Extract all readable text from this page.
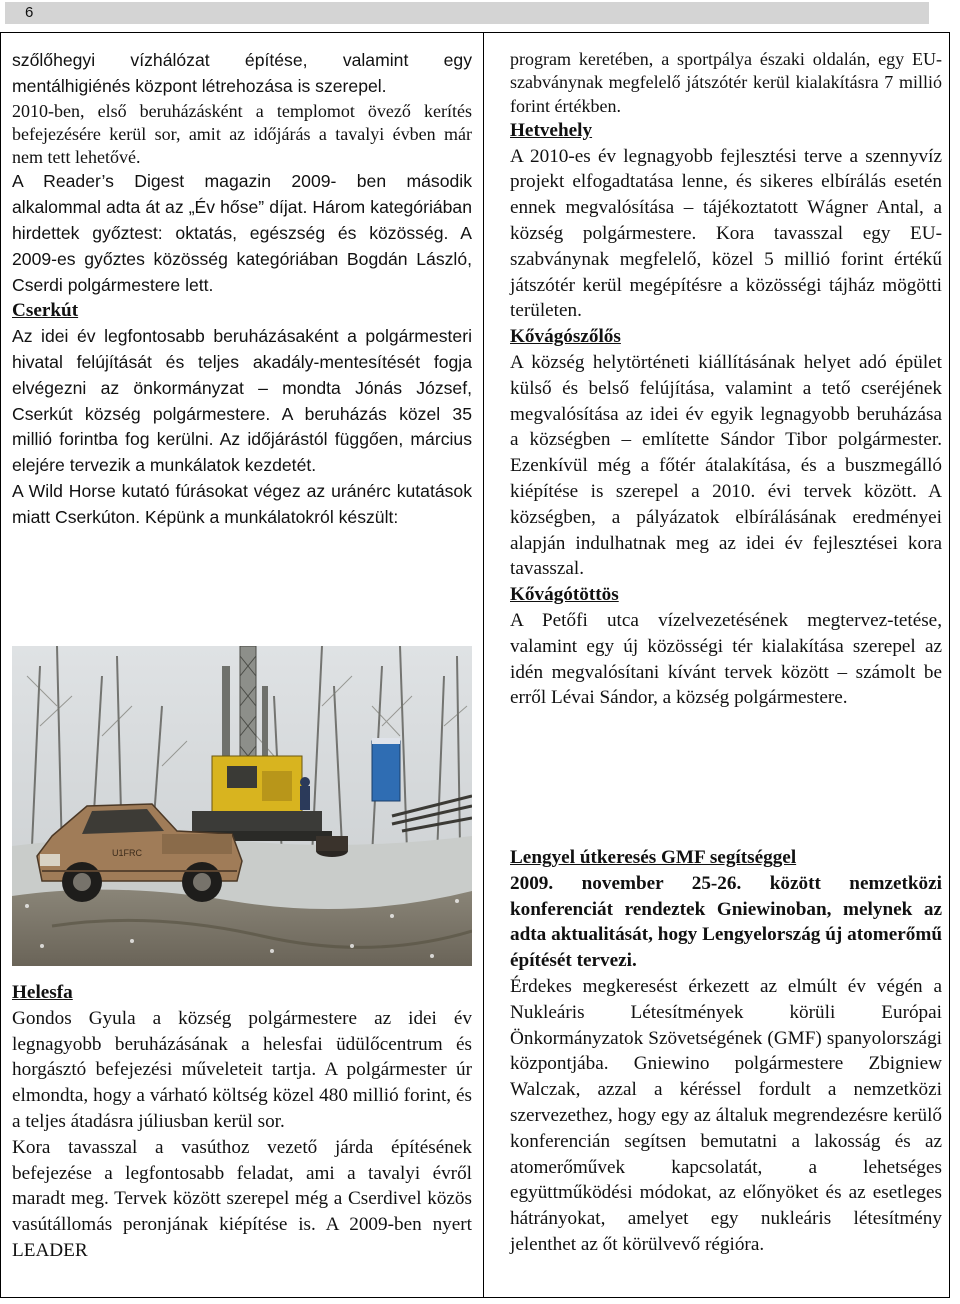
6

szőlőhegyi vízhálózat építése, valamint egy mentálhigiénés központ létrehozása is szerepel.

2010-ben, első beruházásként a templomot övező kerítés befejezésére kerül sor, amit az időjárás a tavalyi évben már nem tett lehetővé.

A Reader’s Digest magazin 2009- ben második alkalommal adta át az „Év hőse” díjat. Három kategóriában hirdettek győztest: oktatás, egészség és közösség. A 2009-es győztes közösség kategóriában Bogdán László, Cserdi polgármestere lett.

Cserkút

Az idei év legfontosabb beruházásaként a polgármesteri hivatal felújítását és teljes akadály-mentesítését fogja elvégezni az önkormányzat – mondta Jónás József, Cserkút község polgármestere. A beruházás közel 35 millió forintba fog kerülni. Az időjárástól függően, március elejére tervezik a munkálatok kezdetét.

A Wild Horse kutató fúrásokat végez az uránérc kutatások miatt Cserkúton. Képünk a munkálatokról készült:

U1FRC
Helesfa

Gondos Gyula a község polgármestere az idei év legnagyobb beruházásának a helesfai üdülőcentrum és horgásztó befejezési műveleteit tartja. A polgármester úr elmondta, hogy a várható költség közel 480 millió forint, és a teljes átadásra júliusban kerül sor.

Kora tavasszal a vasúthoz vezető járda építésének befejezése a legfontosabb feladat, ami a tavalyi évről maradt meg. Tervek között szerepel még a Cserdivel közös vasútállomás peronjának kiépítése is. A 2009-ben nyert LEADER

program keretében, a sportpálya északi oldalán, egy EU-szabványnak megfelelő játszótér kerül kialakításra 7 millió forint értékben.

Hetvehely

A 2010-es év legnagyobb fejlesztési terve a szennyvíz projekt elfogadtatása lenne, és sikeres elbírálás esetén ennek megvalósítása – tájékoztatott Wágner Antal, a község polgármestere. Kora tavasszal egy EU-szabványnak megfelelő, közel 5 millió forint értékű játszótér kerül megépítésre a közösségi tájház mögötti területen.

Kővágószőlős

A község helytörténeti kiállításának helyet adó épület külső és belső felújítása, valamint a tető cseréjének megvalósítása az idei év egyik legnagyobb beruházása a községben – említette Sándor Tibor polgármester. Ezenkívül még a főtér átalakítása, és a buszmegálló kiépítése is szerepel a 2010. évi tervek között. A községben, a pályázatok elbírálásának eredményei alapján indulhatnak meg az idei év fejlesztései kora tavasszal.

Kővágótöttös

A Petőfi utca vízelvezetésének megtervez-tetése, valamint egy új közösségi tér kialakítása szerepel az idén megvalósítani kívánt tervek között – számolt be erről Lévai Sándor, a község polgármestere.

Lengyel útkeresés GMF segítséggel

2009. november 25-26. között nemzetközi konferenciát rendeztek Gniewinoban, melynek az adta aktualitását, hogy Lengyelország új atomerőmű építését tervezi.

Érdekes megkeresést érkezett az elmúlt év végén a Nukleáris Létesítmények körüli Európai Önkormányzatok Szövetségének (GMF) spanyolországi központjába. Gniewino polgármestere Zbigniew Walczak, azzal a kéréssel fordult a nemzetközi szervezethez, hogy egy az általuk megrendezésre kerülő konferencián segítsen bemutatni a lakosság és az atomerőművek kapcsolatát, a lehetséges együttműködési módokat, az előnyöket és az esetleges hátrányokat, amelyet egy nukleáris létesítmény jelenthet az őt körülvevő régióra.
